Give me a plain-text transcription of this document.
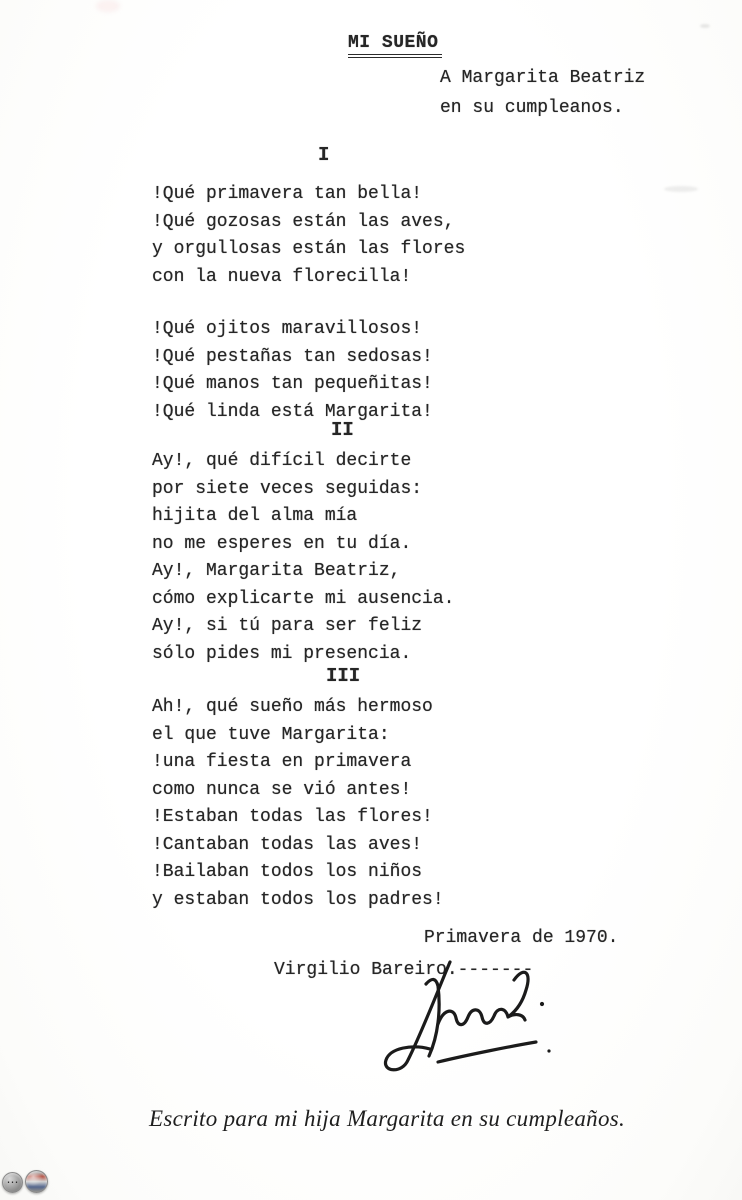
MI SUEÑO
A Margarita Beatriz
en su cumpleanos.
I
!Qué primavera tan bella!
!Qué gozosas están las aves,
y orgullosas están las flores
con la nueva florecilla!
!Qué ojitos maravillosos!
!Qué pestañas tan sedosas!
!Qué manos tan pequeñitas!
!Qué linda está Margarita!
II
Ay!, qué difícil decirte
por siete veces seguidas:
hijita del alma mía
no me esperes en tu día.
Ay!, Margarita Beatriz,
cómo explicarte mi ausencia.
Ay!, si tú para ser feliz
sólo pides mi presencia.
III
Ah!, qué sueño más hermoso
el que tuve Margarita:
!una fiesta en primavera
como nunca se vió antes!
!Estaban todas las flores!
!Cantaban todas las aves!
!Bailaban todos los niños
y estaban todos los padres!
Primavera de 1970.
Virgilio Bareiro.-------
Escrito para mi hija Margarita en su cumpleaños.
⋯
